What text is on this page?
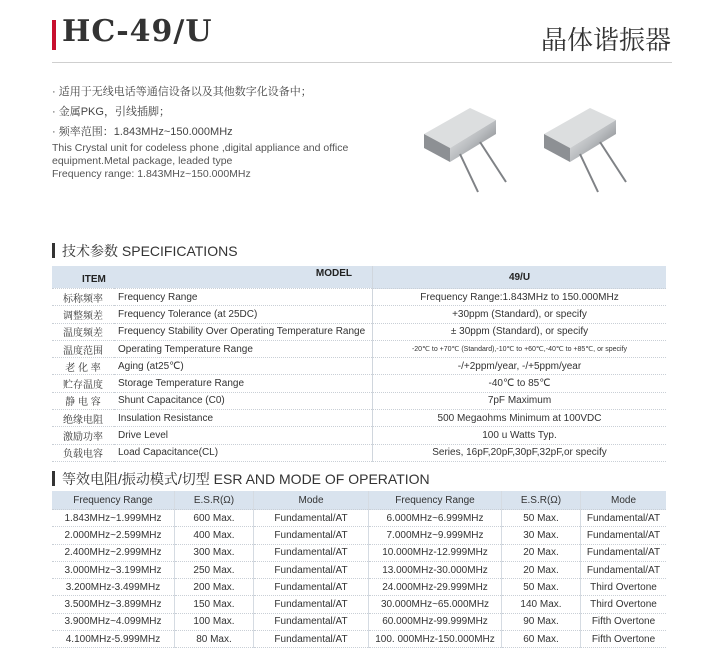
HC-49/U	晶体谐振器
· 适用于无线电话等通信设备以及其他数字化设备中；
· 金属PKG，引线插脚；
· 频率范围：1.843MHz~150.000MHz
This Crystal unit for codeless phone ,digital appliance and office
equipment.Metal package, leaded type
Frequency range: 1.843MHz~150.000MHz
技术参数 SPECIFICATIONS
ITEM
MODEL		49/U
标称频率	Frequency Range	Frequency Range:1.843MHz to 150.000MHz
调整频差	Frequency Tolerance (at 25DC)	+30ppm (Standard), or specify
温度频差	Frequency Stability Over Operating Temperature Range	± 30ppm (Standard), or specify
温度范围	Operating Temperature Range	-20℃ to +70℃ (Standard),-10℃ to +60℃,-40℃ to +85℃, or specify
老 化 率	Aging (at25℃)	-/+2ppm/year, -/+5ppm/year
贮存温度	Storage Temperature Range	-40℃ to 85℃
静 电 容	Shunt Capacitance (C0)	7pF Maximum
绝缘电阻	Insulation Resistance	500 Megaohms Minimum at 100VDC
激励功率	Drive Level	100 u Watts Typ.
负载电容	Load Capacitance(CL)	Series, 16pF,20pF,30pF,32pF,or specify
等效电阻/振动模式/切型 ESR AND MODE OF OPERATION
Frequency Range	E.S.R(Ω)	Mode	Frequency Range	E.S.R(Ω)	Mode
1.843MHz~1.999MHz	600 Max.	Fundamental/AT	6.000MHz~6.999MHz	50 Max.	Fundamental/AT
2.000MHz~2.599MHz	400 Max.	Fundamental/AT	7.000MHz~9.999MHz	30 Max.	Fundamental/AT
2.400MHz~2.999MHz	300 Max.	Fundamental/AT	10.000MHz-12.999MHz	20 Max.	Fundamental/AT
3.000MHz~3.199MHz	250 Max.	Fundamental/AT	13.000MHz-30.000MHz	20 Max.	Fundamental/AT
3.200MHz-3.499MHz	200 Max.	Fundamental/AT	24.000MHz-29.999MHz	50 Max.	Third Overtone
3.500MHz~3.899MHz	150 Max.	Fundamental/AT	30.000MHz~65.000MHz	140 Max.	Third Overtone
3.900MHz~4.099MHz	100 Max.	Fundamental/AT	60.000MHz-99.999MHz	90 Max.	Fifth Overtone
4.100MHz-5.999MHz	80 Max.	Fundamental/AT	100. 000MHz-150.000MHz	60 Max.	Fifth Overtone
